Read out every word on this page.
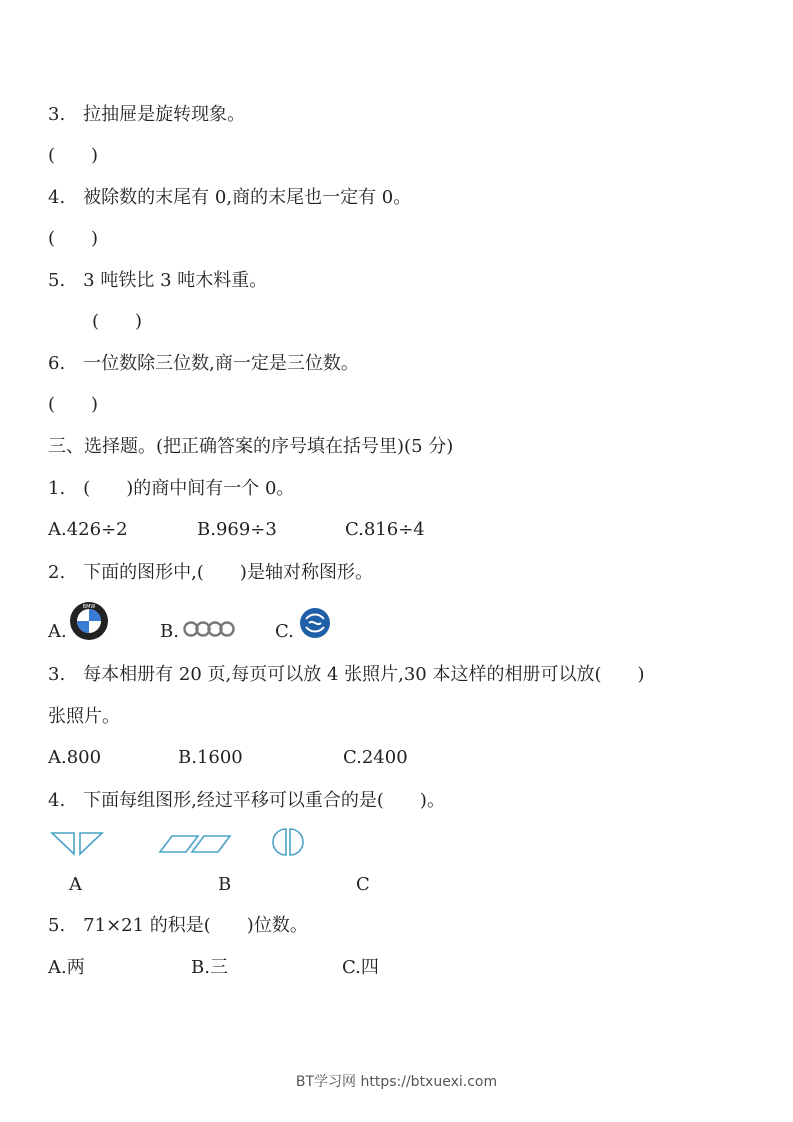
3.　拉抽屉是旋转现象。
(　　)
4.　被除数的末尾有 0,商的末尾也一定有 0。
(　　)
5.　3 吨铁比 3 吨木料重。
(　　)
6.　一位数除三位数,商一定是三位数。
(　　)
三、选择题。(把正确答案的序号填在括号里)(5 分)
1.　(　　)的商中间有一个 0。
A.426÷2	B.969÷3	C.816÷4
2.　下面的图形中,(　　)是轴对称图形。
A.
BMW
B.	C.
3.　每本相册有 20 页,每页可以放 4 张照片,30 本这样的相册可以放(　　)
张照片。
A.800	B.1600	C.2400
4.　下面每组图形,经过平移可以重合的是(　　)。
A	B	C
5.　71×21 的积是(　　)位数。
A.两	B.三	C.四
BT学习网 https://btxuexi.com
